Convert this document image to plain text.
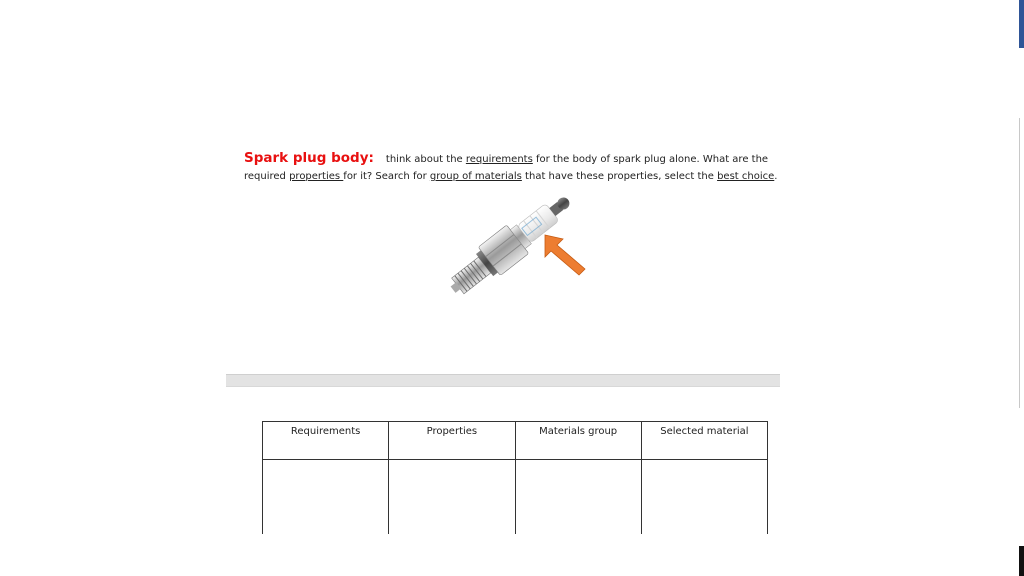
Spark plug body: think about the requirements for the body of spark plug alone. What are the required properties for it? Search for group of materials that have these properties, select the best choice.
Requirements	Properties	Materials group	Selected material
